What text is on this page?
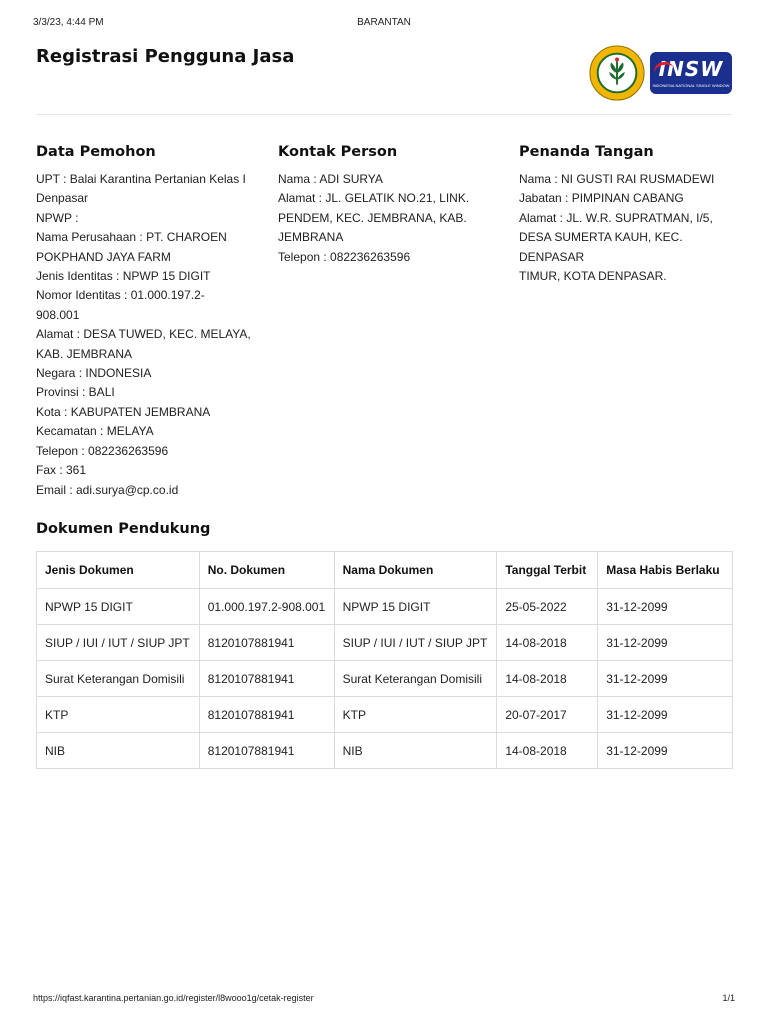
3/3/23, 4:44 PM	BARANTAN
Registrasi Pengguna Jasa
INSW
INDONESIA NATIONAL SINGLE WINDOW
Data Pemohon
UPT : Balai Karantina Pertanian Kelas I
Denpasar
NPWP :
Nama Perusahaan : PT. CHAROEN
POKPHAND JAYA FARM
Jenis Identitas : NPWP 15 DIGIT
Nomor Identitas : 01.000.197.2-
908.001
Alamat : DESA TUWED, KEC. MELAYA,
KAB. JEMBRANA
Negara : INDONESIA
Provinsi : BALI
Kota : KABUPATEN JEMBRANA
Kecamatan : MELAYA
Telepon : 082236263596
Fax : 361
Email : adi.surya@cp.co.id
Kontak Person
Nama : ADI SURYA
Alamat : JL. GELATIK NO.21, LINK.
PENDEM, KEC. JEMBRANA, KAB.
JEMBRANA
Telepon : 082236263596
Penanda Tangan
Nama : NI GUSTI RAI RUSMADEWI
Jabatan : PIMPINAN CABANG
Alamat : JL. W.R. SUPRATMAN, I/5,
DESA SUMERTA KAUH, KEC. DENPASAR
TIMUR, KOTA DENPASAR.
Dokumen Pendukung
Jenis Dokumen	No. Dokumen	Nama Dokumen	Tanggal Terbit	Masa Habis Berlaku
NPWP 15 DIGIT	01.000.197.2-908.001	NPWP 15 DIGIT	25-05-2022	31-12-2099
SIUP / IUI / IUT / SIUP JPT	8120107881941	SIUP / IUI / IUT / SIUP JPT	14-08-2018	31-12-2099
Surat Keterangan Domisili	8120107881941	Surat Keterangan Domisili	14-08-2018	31-12-2099
KTP	8120107881941	KTP	20-07-2017	31-12-2099
NIB	8120107881941	NIB	14-08-2018	31-12-2099
https://iqfast.karantina.pertanian.go.id/register/l8wooo1g/cetak-register	1/1
